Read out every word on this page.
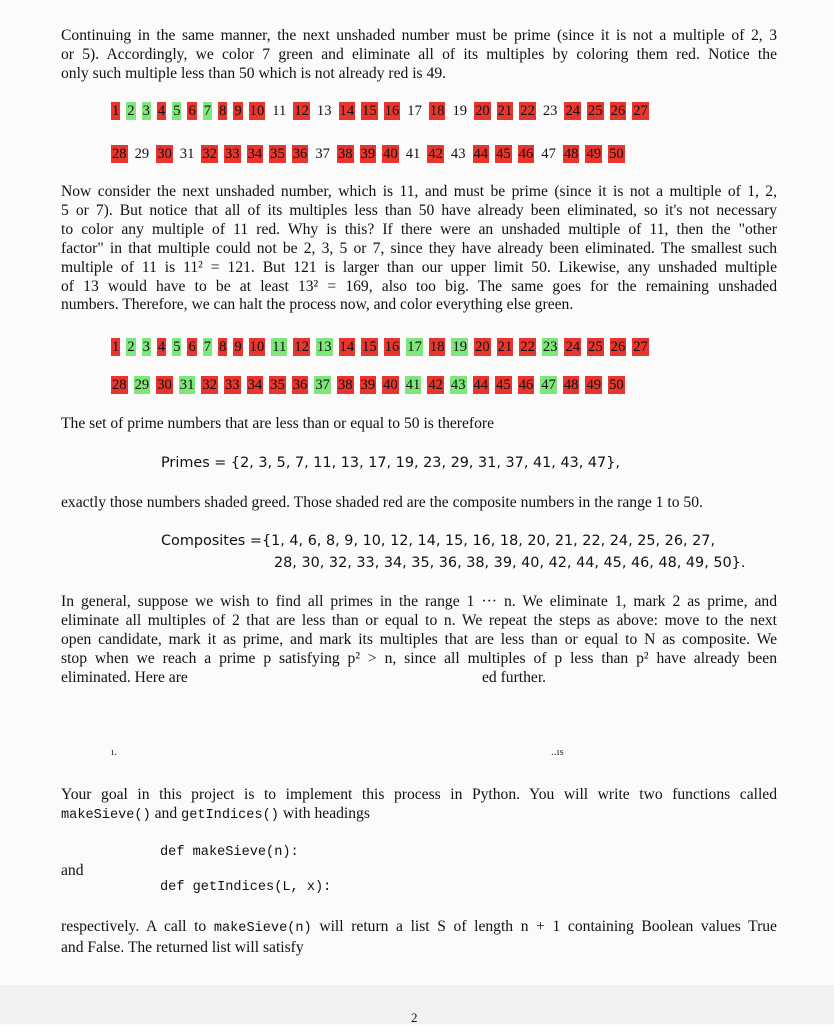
Continuing in the same manner, the next unshaded number must be prime (since it is not a multiple of 2, 3
or 5). Accordingly, we color 7 green and eliminate all of its multiples by coloring them red. Notice the
only such multiple less than 50 which is not already red is 49.
1 2 3 4 5 6 7 8 9 10 11 12 13 14 15 16 17 18 19 20 21 22 23 24 25 26 27
28 29 30 31 32 33 34 35 36 37 38 39 40 41 42 43 44 45 46 47 48 49 50
Now consider the next unshaded number, which is 11, and must be prime (since it is not a multiple of 1, 2,
5 or 7). But notice that all of its multiples less than 50 have already been eliminated, so it's not necessary
to color any multiple of 11 red. Why is this? If there were an unshaded multiple of 11, then the "other
factor" in that multiple could not be 2, 3, 5 or 7, since they have already been eliminated. The smallest such
multiple of 11 is 11² = 121. But 121 is larger than our upper limit 50. Likewise, any unshaded multiple
of 13 would have to be at least 13² = 169, also too big. The same goes for the remaining unshaded
numbers. Therefore, we can halt the process now, and color everything else green.
1 2 3 4 5 6 7 8 9 10 11 12 13 14 15 16 17 18 19 20 21 22 23 24 25 26 27
28 29 30 31 32 33 34 35 36 37 38 39 40 41 42 43 44 45 46 47 48 49 50
The set of prime numbers that are less than or equal to 50 is therefore
Primes = {2, 3, 5, 7, 11, 13, 17, 19, 23, 29, 31, 37, 41, 43, 47},
exactly those numbers shaded greed. Those shaded red are the composite numbers in the range 1 to 50.
Composites ={1, 4, 6, 8, 9, 10, 12, 14, 15, 16, 18, 20, 21, 22, 24, 25, 26, 27,
28, 30, 32, 33, 34, 35, 36, 38, 39, 40, 42, 44, 45, 46, 48, 49, 50}.
In general, suppose we wish to find all primes in the range 1 ··· n. We eliminate 1, mark 2 as prime, and
eliminate all multiples of 2 that are less than or equal to n. We repeat the steps as above: move to the next
open candidate, mark it as prime, and mark its multiples that are less than or equal to N as composite. We
stop when we reach a prime p satisfying p² > n, since all multiples of p less than p² have already been
eliminated. Here are	ed further.
ı.	..ıs
Your goal in this project is to implement this process in Python. You will write two functions called
makeSieve() and getIndices() with headings
def makeSieve(n):
and
def getIndices(L, x):
respectively. A call to makeSieve(n) will return a list S of length n + 1 containing Boolean values True
and False. The returned list will satisfy
2
